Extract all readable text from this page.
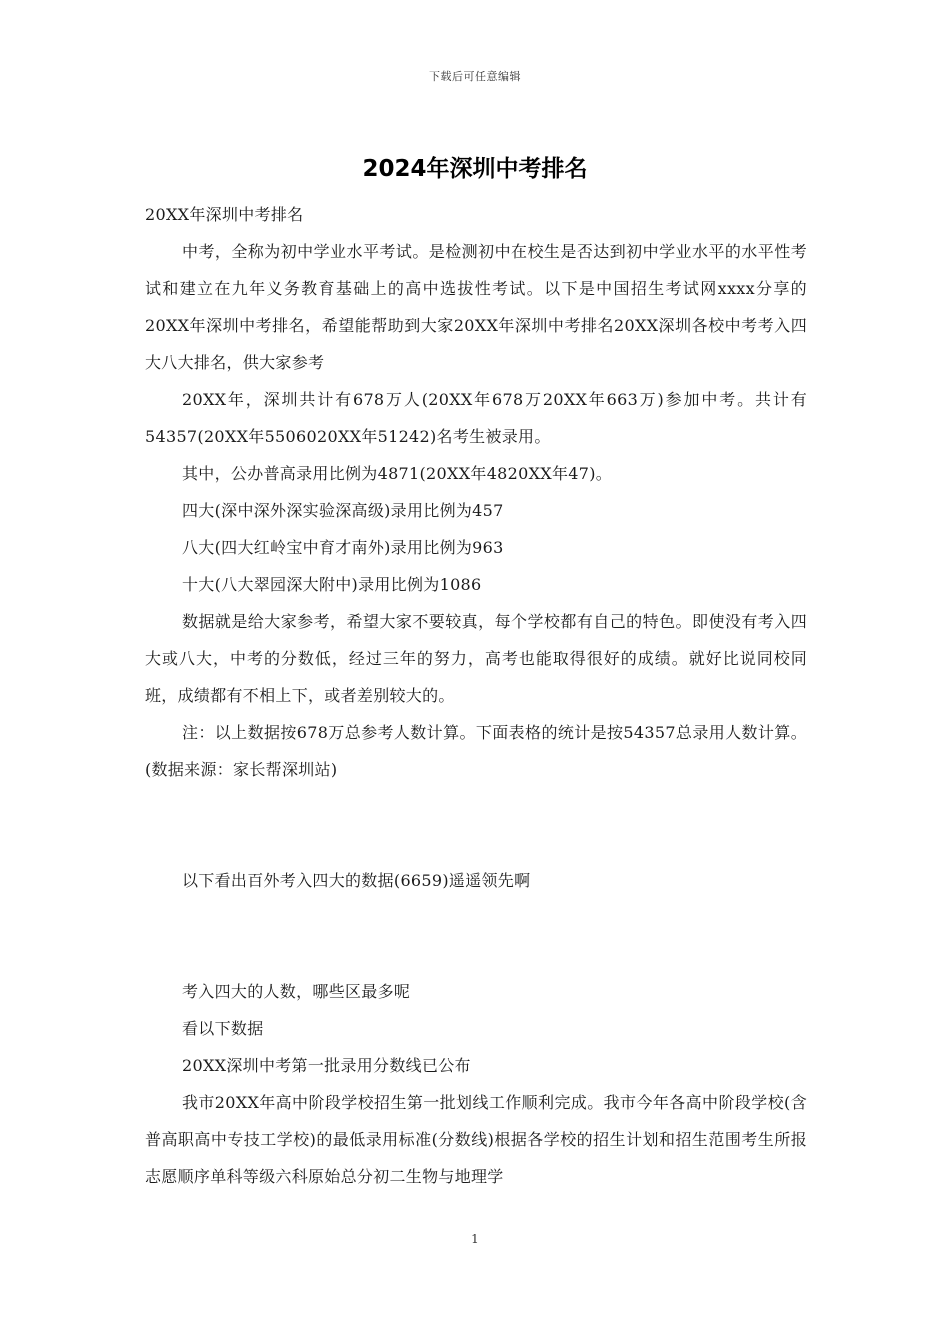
下载后可任意编辑
2024年深圳中考排名

20XX年深圳中考排名

中考，全称为初中学业水平考试。是检测初中在校生是否达到初中学业水平的水平性考试和建立在九年义务教育基础上的高中选拔性考试。以下是中国招生考试网xxxx分享的20XX年深圳中考排名，希望能帮助到大家20XX年深圳中考排名20XX深圳各校中考考入四大八大排名，供大家参考

20XX年，深圳共计有678万人(20XX年678万20XX年663万)参加中考。共计有54357(20XX年5506020XX年51242)名考生被录用。

其中，公办普高录用比例为4871(20XX年4820XX年47)。

四大(深中深外深实验深高级)录用比例为457

八大(四大红岭宝中育才南外)录用比例为963

十大(八大翠园深大附中)录用比例为1086

数据就是给大家参考，希望大家不要较真，每个学校都有自己的特色。即使没有考入四大或八大，中考的分数低，经过三年的努力，高考也能取得很好的成绩。就好比说同校同班，成绩都有不相上下，或者差别较大的。

注：以上数据按678万总参考人数计算。下面表格的统计是按54357总录用人数计算。(数据来源：家长帮深圳站)

以下看出百外考入四大的数据(6659)遥遥领先啊

考入四大的人数，哪些区最多呢

看以下数据

20XX深圳中考第一批录用分数线已公布

我市20XX年高中阶段学校招生第一批划线工作顺利完成。我市今年各高中阶段学校(含普高职高中专技工学校)的最低录用标准(分数线)根据各学校的招生计划和招生范围考生所报志愿顺序单科等级六科原始总分初二生物与地理学

1
